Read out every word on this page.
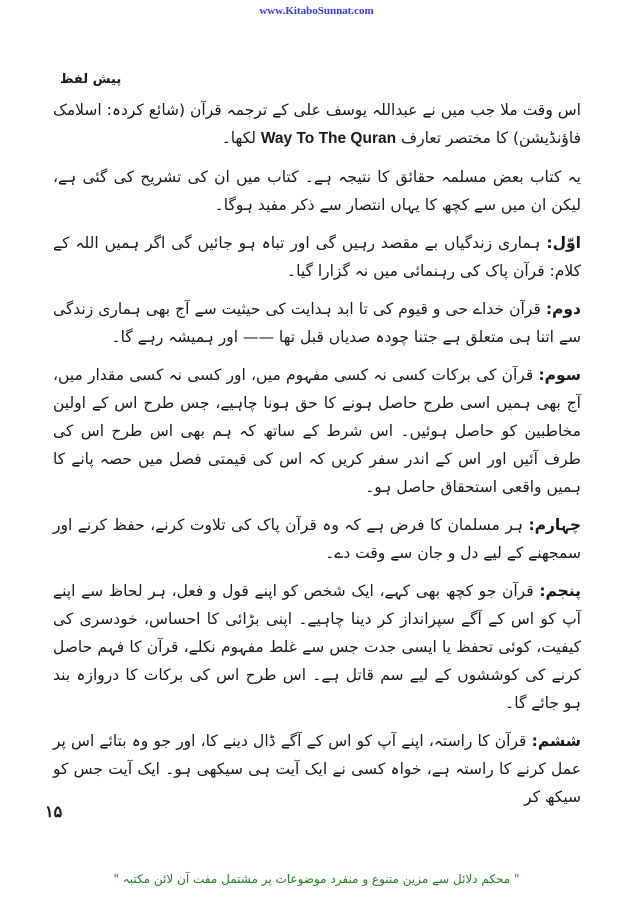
www.KitaboSunnat.com
پیش لفظ

اس وقت ملا جب میں نے عبداللہ یوسف علی کے ترجمہ قرآن (شائع کردہ: اسلامک فاؤنڈیشن) کا مختصر تعارف Way To The Quran لکھا۔

یہ کتاب بعض مسلمہ حقائق کا نتیجہ ہے۔ کتاب میں ان کی تشریح کی گئی ہے، لیکن ان میں سے کچھ کا یہاں انتصار سے ذکر مفید ہوگا۔

اوّل: ہماری زندگیاں بے مقصد رہیں گی اور تباہ ہو جائیں گی اگر ہمیں اللہ کے کلام: قرآن پاک کی رہنمائی میں نہ گزارا گیا۔

دوم: قرآن خداے حی و قیوم کی تا ابد ہدایت کی حیثیت سے آج بھی ہماری زندگی سے اتنا ہی متعلق ہے جتنا چودہ صدیاں قبل تھا —— اور ہمیشہ رہے گا۔

سوم: قرآن کی برکات کسی نہ کسی مفہوم میں، اور کسی نہ کسی مقدار میں، آج بھی ہمیں اسی طرح حاصل ہونے کا حق ہونا چاہیے، جس طرح اس کے اولین مخاطبین کو حاصل ہوئیں۔ اس شرط کے ساتھ کہ ہم بھی اس طرح اس کی طرف آئیں اور اس کے اندر سفر کریں کہ اس کی قیمتی فصل میں حصہ پانے کا ہمیں واقعی استحقاق حاصل ہو۔

چہارم: ہر مسلمان کا فرض ہے کہ وہ قرآن پاک کی تلاوت کرنے، حفظ کرنے اور سمجھنے کے لیے دل و جان سے وقت دے۔

پنجم: قرآن جو کچھ بھی کہے، ایک شخص کو اپنے قول و فعل، ہر لحاظ سے اپنے آپ کو اس کے آگے سپرانداز کر دینا چاہیے۔ اپنی بڑائی کا احساس، خودسری کی کیفیت، کوئی تحفظ یا ایسی جدت جس سے غلط مفہوم نکلے، قرآن کا فہم حاصل کرنے کی کوششوں کے لیے سم قاتل ہے۔ اس طرح اس کی برکات کا دروازہ بند ہو جائے گا۔

ششم: قرآن کا راستہ، اپنے آپ کو اس کے آگے ڈال دینے کا، اور جو وہ بتائے اس پر عمل کرنے کا راستہ ہے، خواہ کسی نے ایک آیت ہی سیکھی ہو۔ ایک آیت جس کو سیکھ کر

۱۵
" محکم دلائل سے مزین متنوع و منفرد موضوعات پر مشتمل مفت آن لائن مکتبہ "
